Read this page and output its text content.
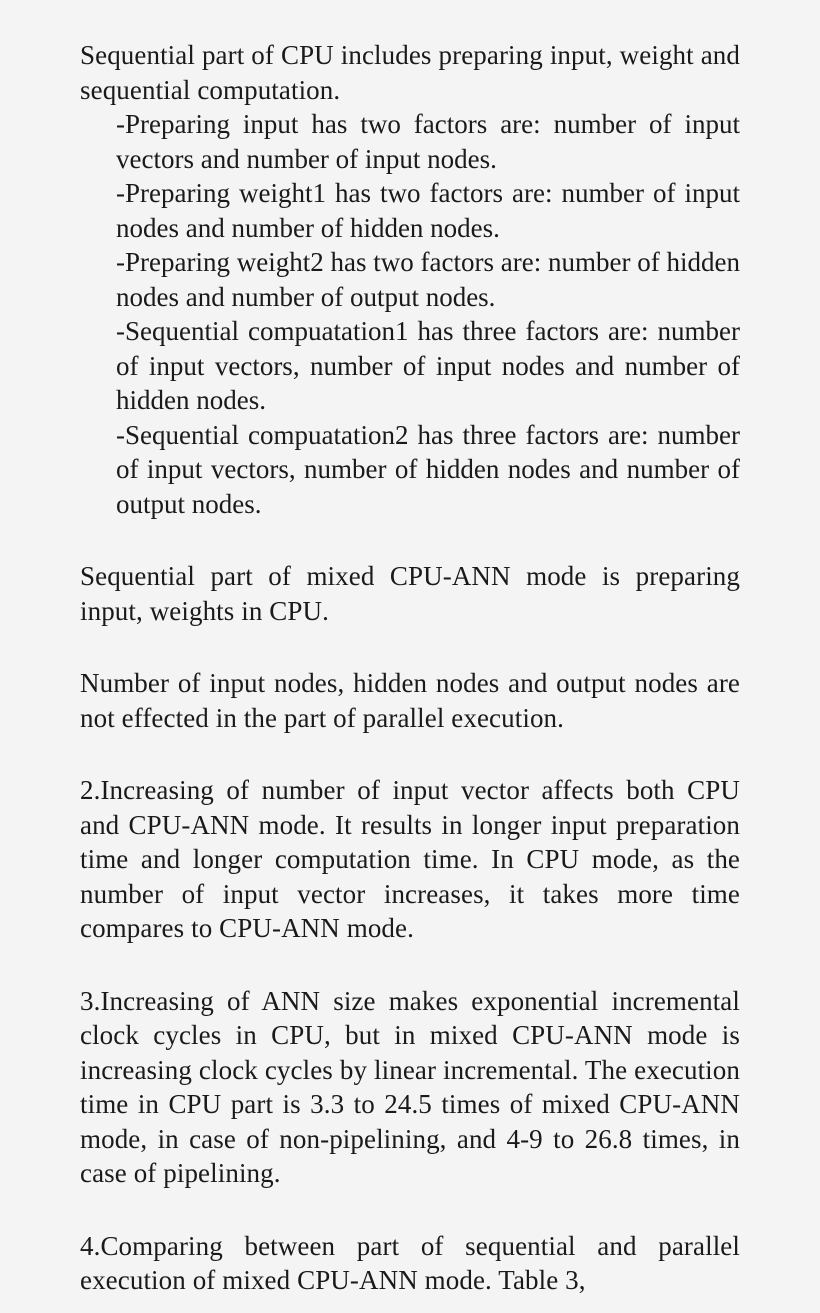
Sequential part of CPU includes preparing input, weight and sequential computation.

-Preparing input has two factors are: number of input vectors and number of input nodes.
-Preparing weight1 has two factors are: number of input nodes and number of hidden nodes.
-Preparing weight2 has two factors are: number of hidden nodes and number of output nodes.
-Sequential compuatation1 has three factors are: number of input vectors, number of input nodes and number of hidden nodes.
-Sequential compuatation2 has three factors are: number of input vectors, number of hidden nodes and number of output nodes.

Sequential part of mixed CPU-ANN mode is preparing input, weights in CPU.

Number of input nodes, hidden nodes and output nodes are not effected in the part of parallel execution.

2.Increasing of number of input vector affects both CPU and CPU-ANN mode. It results in longer input preparation time and longer computation time. In CPU mode, as the number of input vector increases, it takes more time compares to CPU-ANN mode.

3.Increasing of ANN size makes exponential incremental clock cycles in CPU, but in mixed CPU-ANN mode is increasing clock cycles by linear incremental. The execution time in CPU part is 3.3 to 24.5 times of mixed CPU-ANN mode, in case of non-pipelining, and 4-9 to 26.8 times, in case of pipelining.

4.Comparing between part of sequential and parallel execution of mixed CPU-ANN mode. Table 3,
